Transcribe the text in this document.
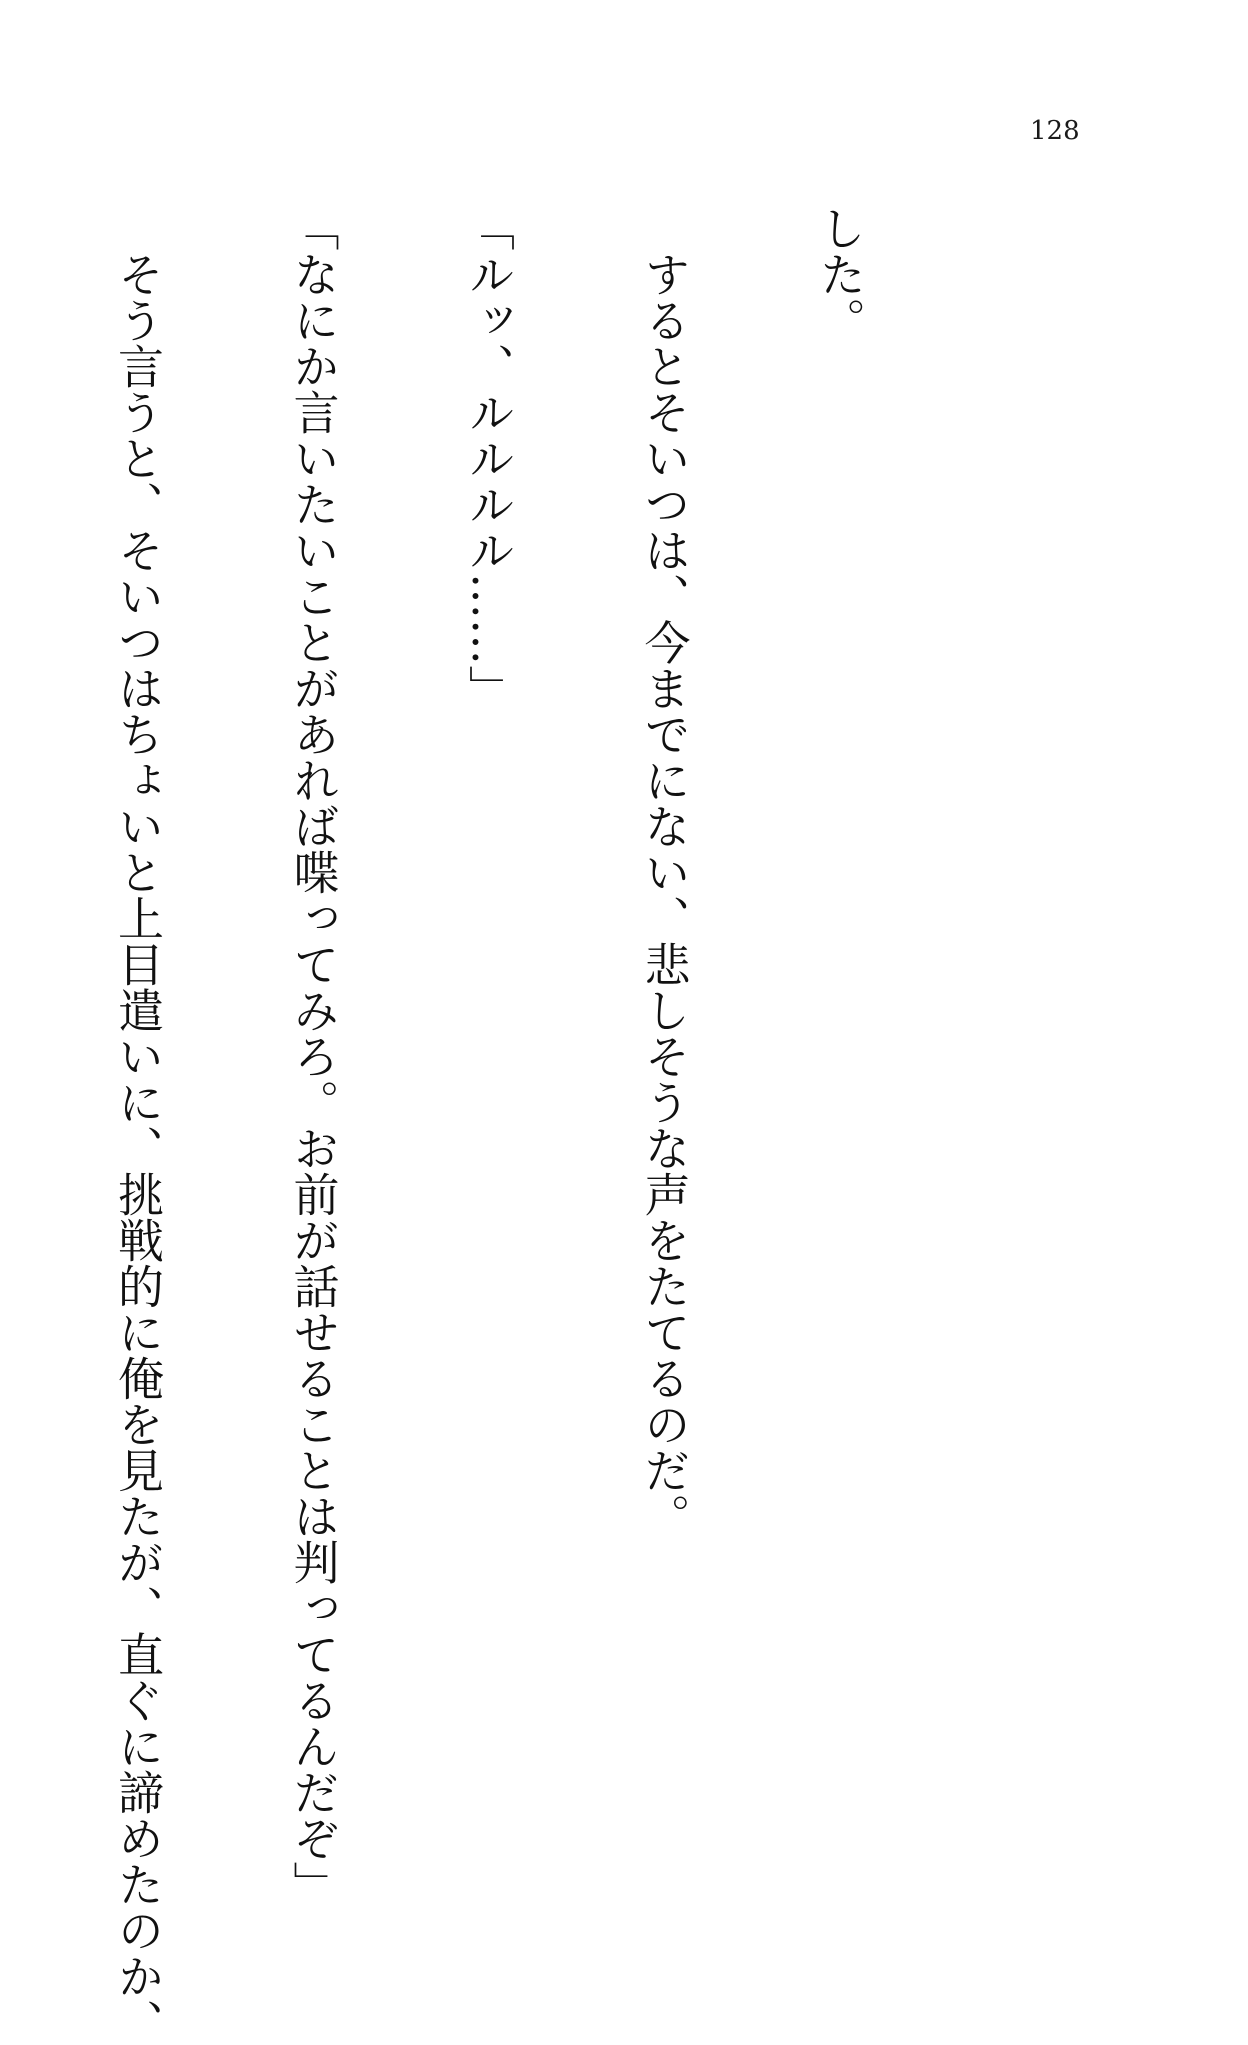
128

した。

　するとそいつは、今までにない、悲しそうな声をたてるのだ。

「ルッ、ルルルル……」

「なにか言いたいことがあれば喋ってみろ。お前が話せることは判ってるんだぞ」

　そう言うと、そいつはちょいと上目遣いに、挑戦的に俺を見たが、直ぐに諦めたのか、
